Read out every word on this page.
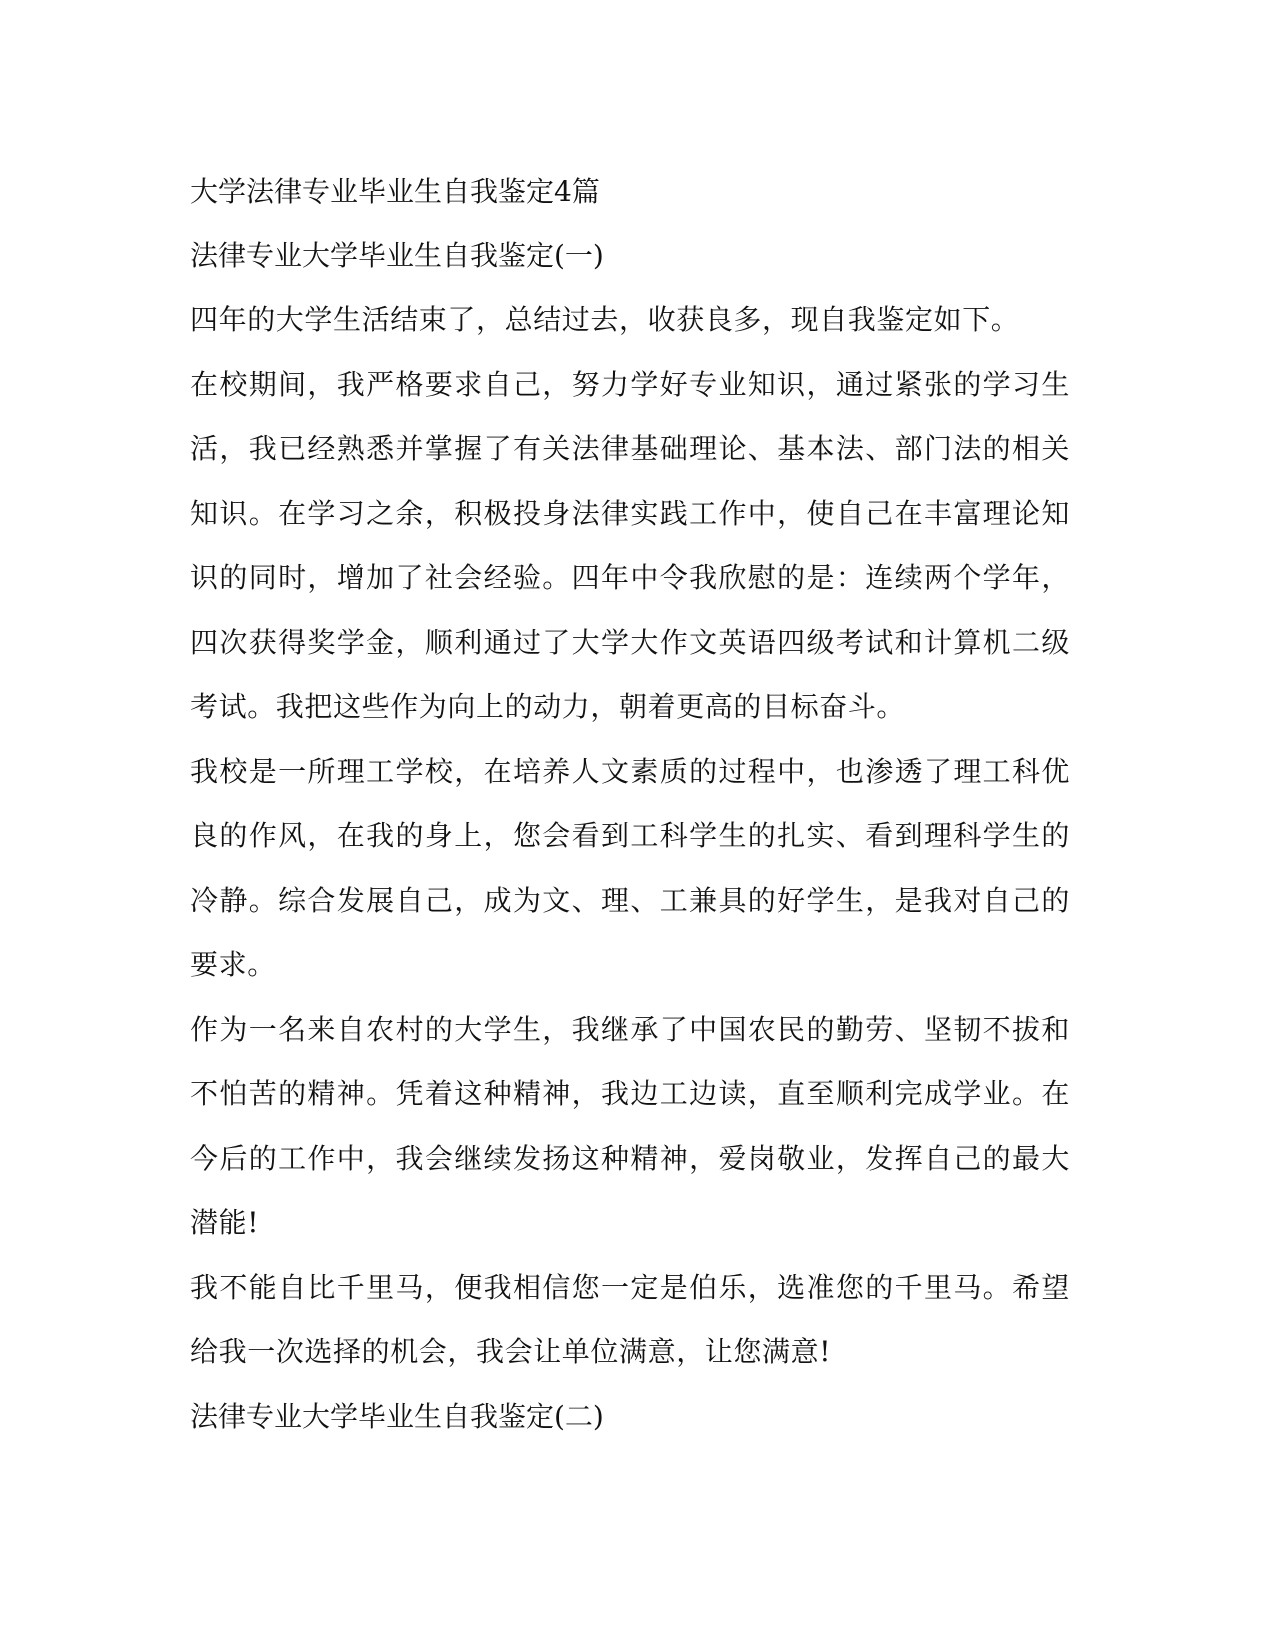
大学法律专业毕业生自我鉴定4篇
法律专业大学毕业生自我鉴定(一)

四年的大学生活结束了，总结过去，收获良多，现自我鉴定如下。

在校期间，我严格要求自己，努力学好专业知识，通过紧张的学习生活，我已经熟悉并掌握了有关法律基础理论、基本法、部门法的相关知识。在学习之余，积极投身法律实践工作中，使自己在丰富理论知识的同时，增加了社会经验。四年中令我欣慰的是：连续两个学年，四次获得奖学金，顺利通过了大学大作文英语四级考试和计算机二级考试。我把这些作为向上的动力，朝着更高的目标奋斗。

我校是一所理工学校，在培养人文素质的过程中，也渗透了理工科优良的作风，在我的身上，您会看到工科学生的扎实、看到理科学生的冷静。综合发展自己，成为文、理、工兼具的好学生，是我对自己的要求。

作为一名来自农村的大学生，我继承了中国农民的勤劳、坚韧不拔和不怕苦的精神。凭着这种精神，我边工边读，直至顺利完成学业。在今后的工作中，我会继续发扬这种精神，爱岗敬业，发挥自己的最大潜能!

我不能自比千里马，便我相信您一定是伯乐，选准您的千里马。希望给我一次选择的机会，我会让单位满意，让您满意!

法律专业大学毕业生自我鉴定(二)
